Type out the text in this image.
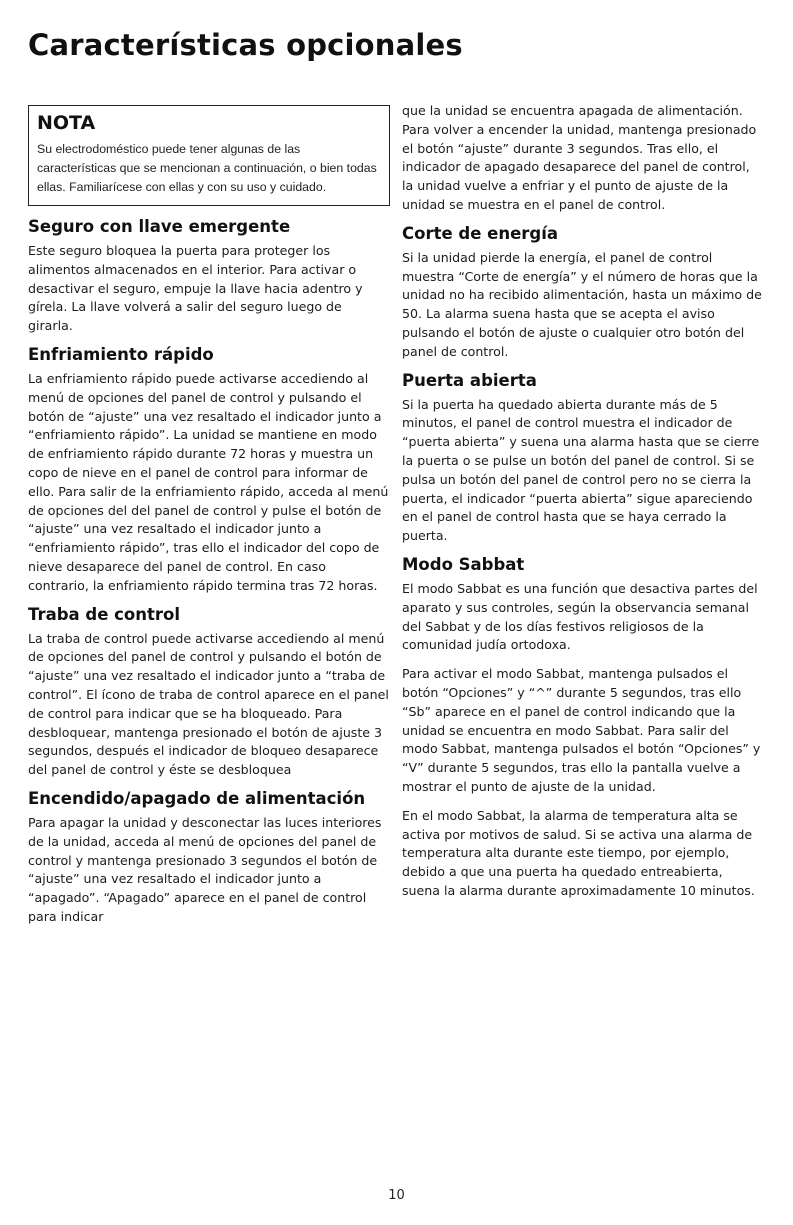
Características opcionales
NOTA

Su electrodoméstico puede tener algunas de las características que se mencionan a continuación, o bien todas ellas. Familiarícese con ellas y con su uso y cuidado.

Seguro con llave emergente

Este seguro bloquea la puerta para proteger los alimentos almacenados en el interior. Para activar o desactivar el seguro, empuje la llave hacia adentro y gírela. La llave volverá a salir del seguro luego de girarla.

Enfriamiento rápido

La enfriamiento rápido puede activarse accediendo al menú de opciones del panel de control y pulsando el botón de “ajuste” una vez resaltado el indicador junto a “enfriamiento rápido”. La unidad se mantiene en modo de enfriamiento rápido durante 72 horas y muestra un copo de nieve en el panel de control para informar de ello. Para salir de la enfriamiento rápido, acceda al menú de opciones del del panel de control y pulse el botón de “ajuste” una vez resaltado el indicador junto a “enfriamiento rápido”, tras ello el indicador del copo de nieve desaparece del panel de control. En caso contrario, la enfriamiento rápido termina tras 72 horas.

Traba de control

La traba de control puede activarse accediendo al menú de opciones del panel de control y pulsando el botón de “ajuste” una vez resaltado el indicador junto a “traba de control”. El ícono de traba de control aparece en el panel de control para indicar que se ha bloqueado. Para desbloquear, mantenga presionado el botón de ajuste 3 segundos, después el indicador de bloqueo desaparece del panel de control y éste se desbloquea

Encendido/apagado de alimentación

Para apagar la unidad y desconectar las luces interiores de la unidad, acceda al menú de opciones del panel de control y mantenga presionado 3 segundos el botón de “ajuste” una vez resaltado el indicador junto a “apagado”. “Apagado” aparece en el panel de control para indicar

que la unidad se encuentra apagada de alimentación. Para volver a encender la unidad, mantenga presionado el botón “ajuste” durante 3 segundos. Tras ello, el indicador de apagado desaparece del panel de control, la unidad vuelve a enfriar y el punto de ajuste de la unidad se muestra en el panel de control.

Corte de energía

Si la unidad pierde la energía, el panel de control muestra “Corte de energía” y el número de horas que la unidad no ha recibido alimentación, hasta un máximo de 50. La alarma suena hasta que se acepta el aviso pulsando el botón de ajuste o cualquier otro botón del panel de control.

Puerta abierta

Si la puerta ha quedado abierta durante más de 5 minutos, el panel de control muestra el indicador de “puerta abierta” y suena una alarma hasta que se cierre la puerta o se pulse un botón del panel de control. Si se pulsa un botón del panel de control pero no se cierra la puerta, el indicador “puerta abierta” sigue apareciendo en el panel de control hasta que se haya cerrado la puerta.

Modo Sabbat

El modo Sabbat es una función que desactiva partes del aparato y sus controles, según la observancia semanal del Sabbat y de los días festivos religiosos de la comunidad judía ortodoxa.

Para activar el modo Sabbat, mantenga pulsados el botón “Opciones” y “^” durante 5 segundos, tras ello “Sb” aparece en el panel de control indicando que la unidad se encuentra en modo Sabbat. Para salir del modo Sabbat, mantenga pulsados el botón “Opciones” y “V” durante 5 segundos, tras ello la pantalla vuelve a mostrar el punto de ajuste de la unidad.

En el modo Sabbat, la alarma de temperatura alta se activa por motivos de salud. Si se activa una alarma de temperatura alta durante este tiempo, por ejemplo, debido a que una puerta ha quedado entreabierta, suena la alarma durante aproximadamente 10 minutos.

10
